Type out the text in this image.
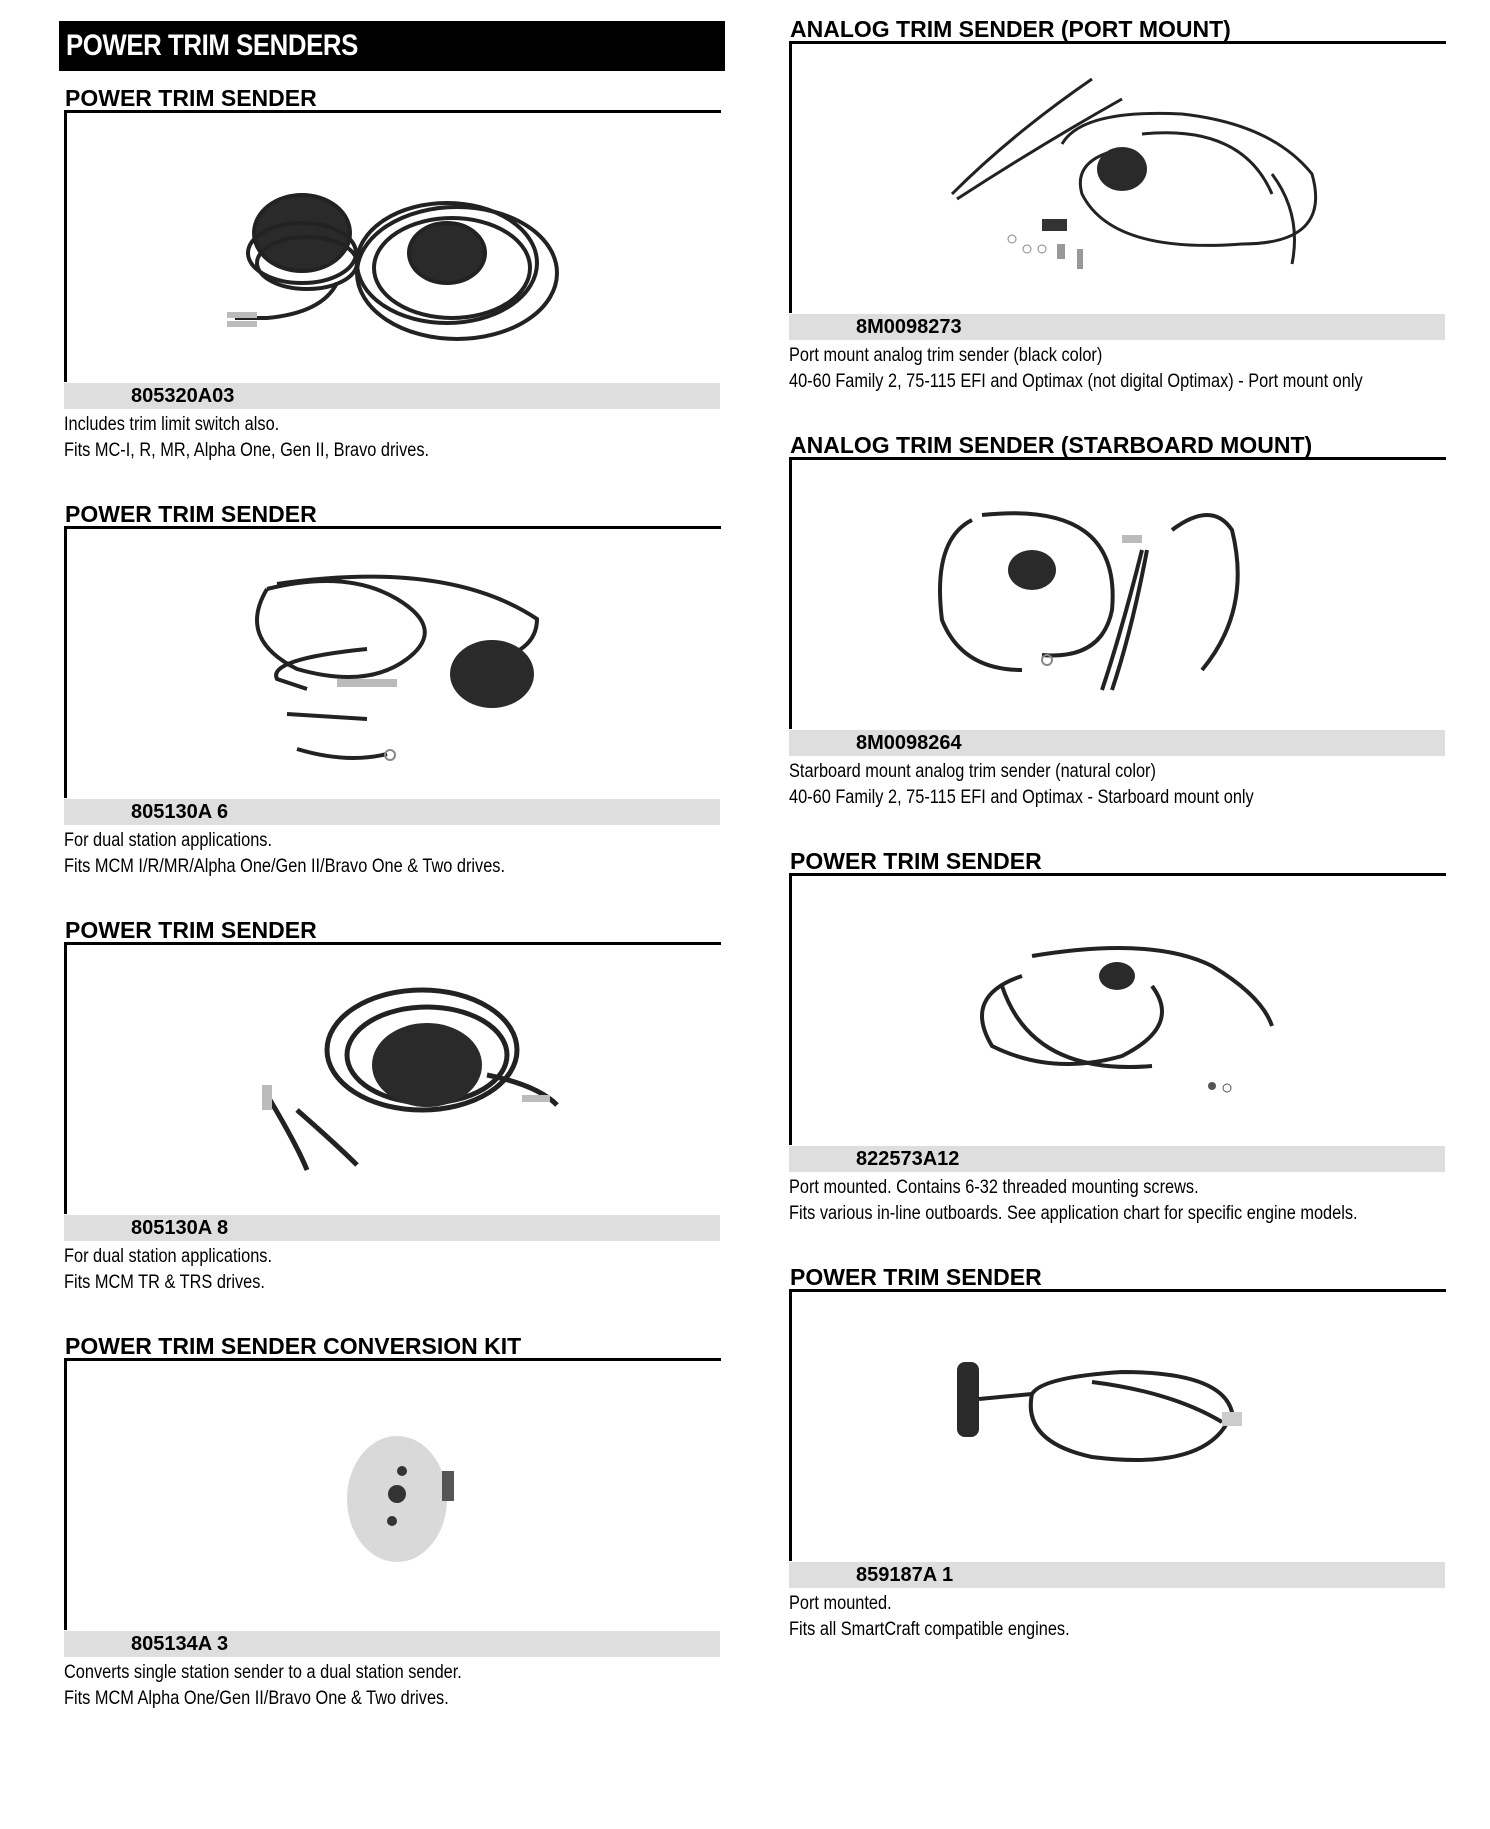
POWER TRIM SENDERS
POWER TRIM SENDER
805320A03
Includes trim limit switch also.
Fits MC-I, R, MR, Alpha One, Gen II, Bravo drives.
POWER TRIM SENDER
805130A 6
For dual station applications.
Fits MCM I/R/MR/Alpha One/Gen II/Bravo One & Two drives.
POWER TRIM SENDER
805130A 8
For dual station applications.
Fits MCM TR & TRS drives.
POWER TRIM SENDER CONVERSION KIT
805134A 3
Converts single station sender to a dual station sender.
Fits MCM Alpha One/Gen II/Bravo One & Two drives.
ANALOG TRIM SENDER (PORT MOUNT)
8M0098273
Port mount analog trim sender (black color)
40-60 Family 2, 75-115 EFI and Optimax (not digital Optimax) - Port mount only
ANALOG TRIM SENDER (STARBOARD MOUNT)
8M0098264
Starboard mount analog trim sender (natural color)
40-60 Family 2, 75-115 EFI and Optimax - Starboard mount only
POWER TRIM SENDER
822573A12
Port mounted. Contains 6-32 threaded mounting screws.
Fits various in-line outboards. See application chart for specific engine models.
POWER TRIM SENDER
859187A 1
Port mounted.
Fits all SmartCraft compatible engines.
